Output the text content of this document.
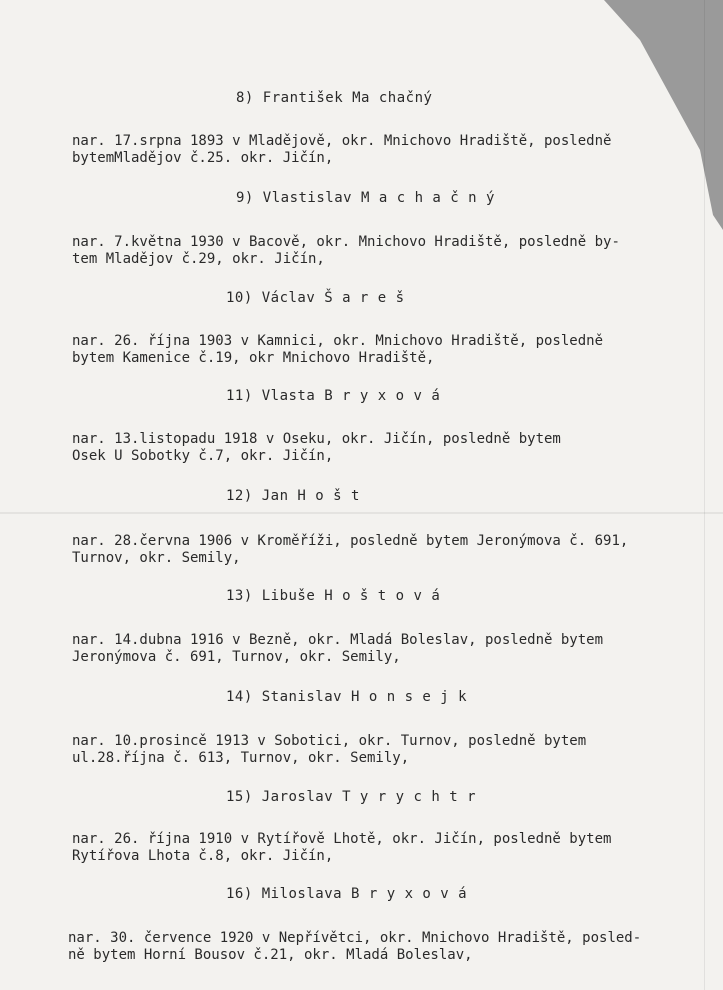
8) František Ma chačný
nar. 17.srpna 1893 v Mladějově, okr. Mnichovo Hradiště, posledně
bytemMladějov č.25. okr. Jičín,
9) Vlastislav M a c h a č n ý
nar. 7.května 1930 v Bacově, okr. Mnichovo Hradiště, posledně by-
tem Mladějov č.29, okr. Jičín,
10) Václav Š a r e š
nar. 26. října 1903 v Kamnici, okr. Mnichovo Hradiště, posledně
bytem Kamenice č.19, okr Mnichovo Hradiště,
11) Vlasta B r y x o v á
nar. 13.listopadu 1918 v Oseku, okr. Jičín, posledně bytem
Osek U Sobotky č.7, okr. Jičín,
12) Jan H o š t
nar. 28.června 1906 v Kroměříži, posledně bytem Jeronýmova č. 691,
Turnov, okr. Semily,
13) Libuše H o š t o v á
nar. 14.dubna 1916 v Bezně, okr. Mladá Boleslav, posledně bytem
Jeronýmova č. 691, Turnov, okr. Semily,
14) Stanislav H o n s e j k
nar. 10.prosincě 1913 v Sobotici, okr. Turnov, posledně bytem
ul.28.října č. 613, Turnov, okr. Semily,
15) Jaroslav T y r y c h t r
nar. 26. října 1910 v Rytířově Lhotě, okr. Jičín, posledně bytem
Rytířova Lhota č.8, okr. Jičín,
16) Miloslava B r y x o v á
nar. 30. července 1920 v Nepřívětci, okr. Mnichovo Hradiště, posled-
ně bytem Horní Bousov č.21, okr. Mladá Boleslav,
